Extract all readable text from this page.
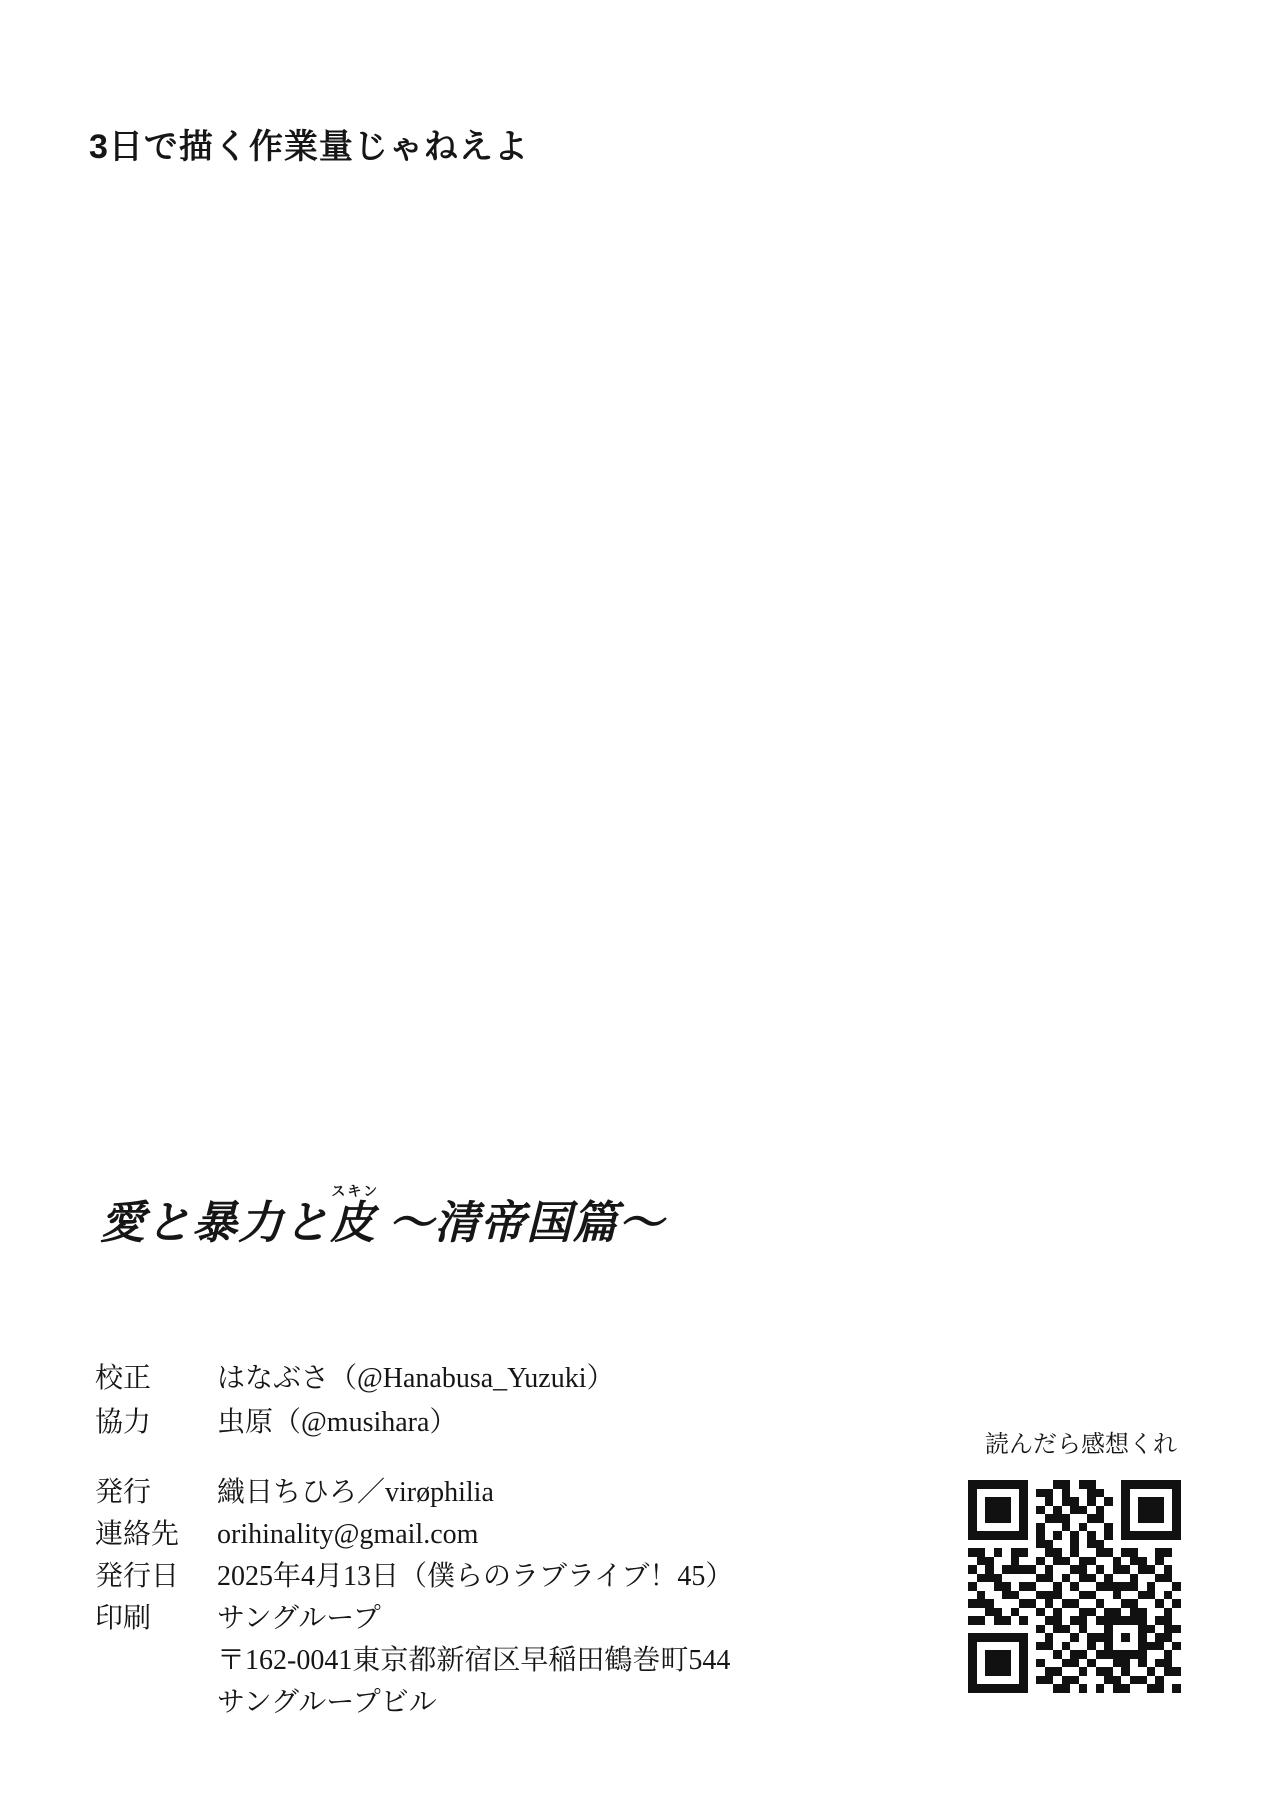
3日で描く作業量じゃねえよ
愛と暴力と
スキン
皮 ～清帝国篇～
校正	はなぶさ（@Hanabusa_Yuzuki）
協力	虫原（@musihara）
発行	織日ちひろ／virøphilia
連絡先	orihinality@gmail.com
発行日	2025年4月13日（僕らのラブライブ！45）
印刷	サングループ
〒162-0041東京都新宿区早稲田鶴巻町544
サングループビル
読んだら感想くれ
